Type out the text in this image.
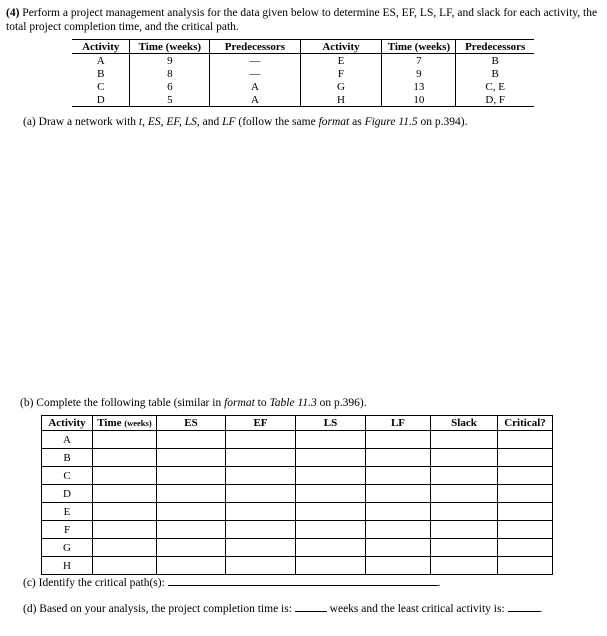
(4) Perform a project management analysis for the data given below to determine ES, EF, LS, LF, and slack for each activity, the total project completion time, and the critical path.
Activity	Time (weeks)	Predecessors	Activity	Time (weeks)	Predecessors
A	9	—	E	7	B
B	8	—	F	9	B
C	6	A	G	13	C, E
D	5	A	H	10	D, F
(a) Draw a network with t, ES, EF, LS, and LF (follow the same format as Figure 11.5 on p.394).
(b) Complete the following table (similar in format to Table 11.3 on p.396).
Activity	Time (weeks)	ES	EF	LS	LF	Slack	Critical?
A							
B							
C							
D							
E							
F							
G							
H							
(c) Identify the critical path(s):	.
(d) Based on your analysis, the project completion time is:	weeks and the least critical activity is:	.
